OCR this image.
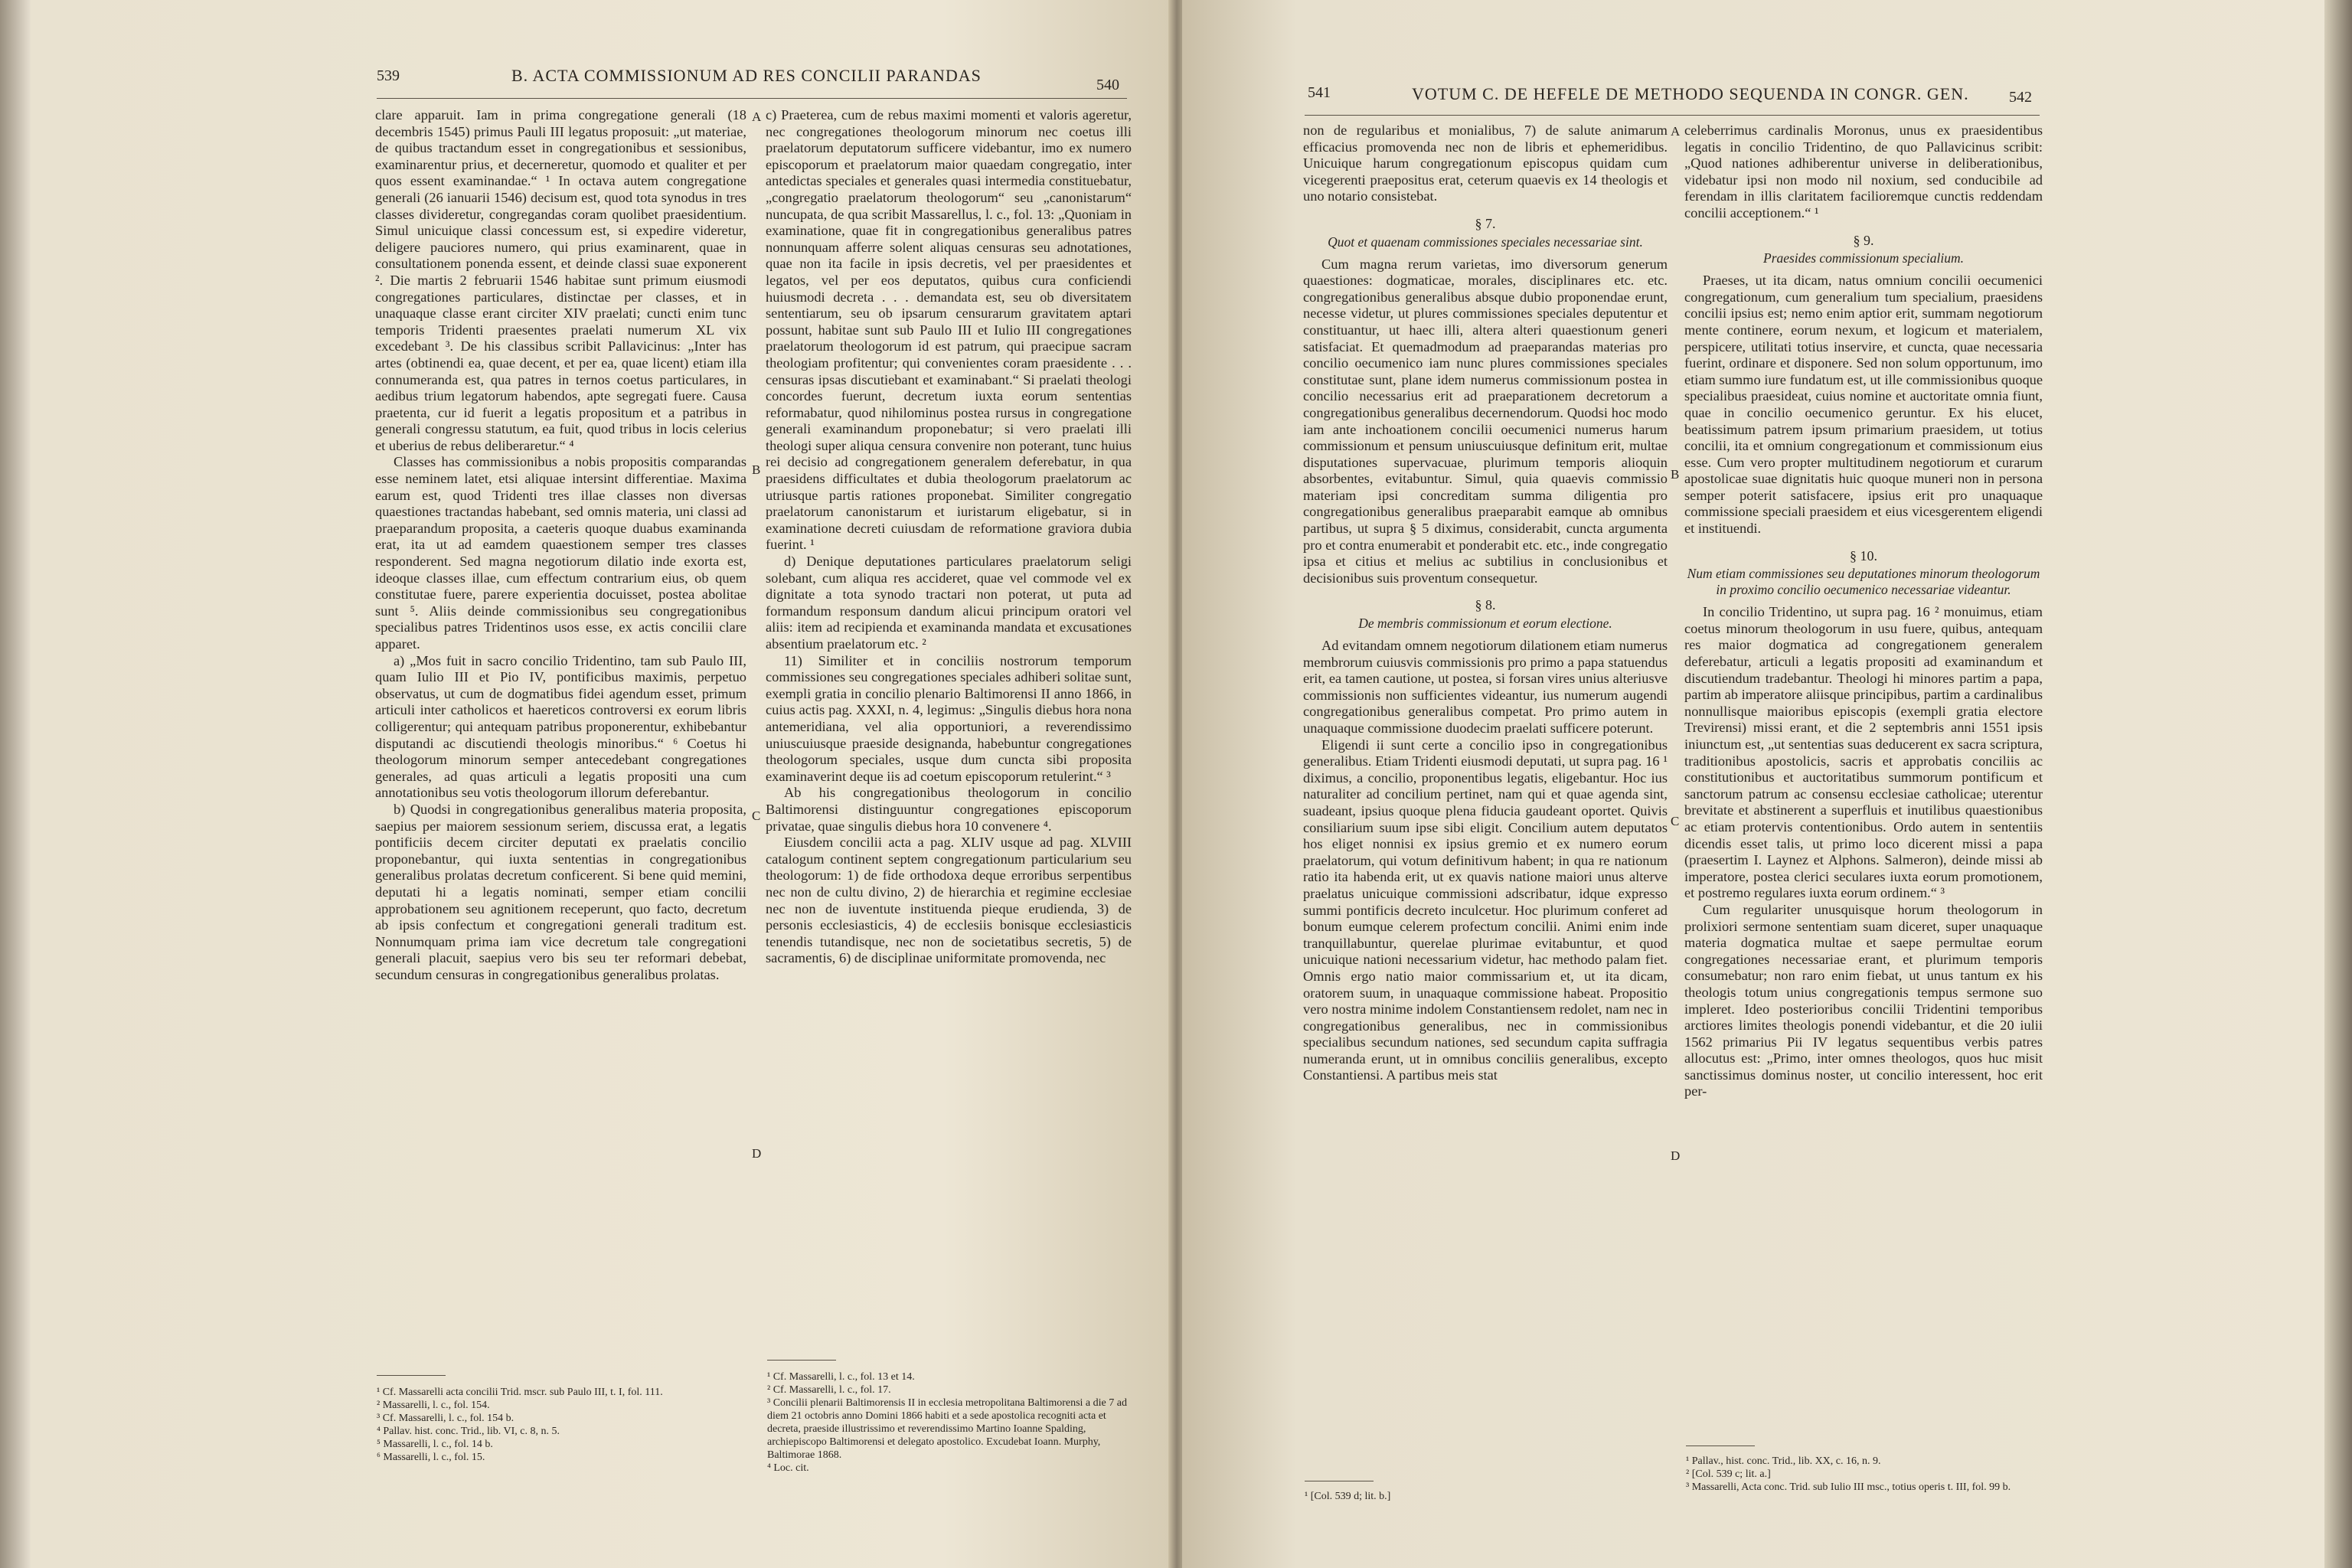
539	B. ACTA COMMISSIONUM AD RES CONCILII PARANDAS	540

clare apparuit. Iam in prima congregatione generali (18 decembris 1545) primus Pauli III legatus proposuit: „ut materiae, de quibus tractandum esset in congregationibus et sessionibus, examinarentur prius, et decerneretur, quomodo et qualiter et per quos essent examinandae.“ ¹ In octava autem congregatione generali (26 ianuarii 1546) decisum est, quod tota synodus in tres classes divideretur, congregandas coram quolibet praesidentium. Simul unicuique classi concessum est, si expedire videretur, deligere pauciores numero, qui prius examinarent, quae in consultationem ponenda essent, et deinde classi suae exponerent ². Die martis 2 februarii 1546 habitae sunt primum eiusmodi congregationes particulares, distinctae per classes, et in unaquaque classe erant circiter XIV praelati; cuncti enim tunc temporis Tridenti praesentes praelati numerum XL vix excedebant ³. De his classibus scribit Pallavicinus: „Inter has artes (obtinendi ea, quae decent, et per ea, quae licent) etiam illa connumeranda est, qua patres in ternos coetus particulares, in aedibus trium legatorum habendos, apte segregati fuere. Causa praetenta, cur id fuerit a legatis propositum et a patribus in generali congressu statutum, ea fuit, quod tribus in locis celerius et uberius de rebus deliberaretur.“ ⁴

Classes has commissionibus a nobis propositis comparandas esse neminem latet, etsi aliquae intersint differentiae. Maxima earum est, quod Tridenti tres illae classes non diversas quaestiones tractandas habebant, sed omnis materia, uni classi ad praeparandum proposita, a caeteris quoque duabus examinanda erat, ita ut ad eamdem quaestionem semper tres classes responderent. Sed magna negotiorum dilatio inde exorta est, ideoque classes illae, cum effectum contrarium eius, ob quem constitutae fuere, parere experientia docuisset, postea abolitae sunt ⁵. Aliis deinde commissionibus seu congregationibus specialibus patres Tridentinos usos esse, ex actis concilii clare apparet.

a) „Mos fuit in sacro concilio Tridentino, tam sub Paulo III, quam Iulio III et Pio IV, pontificibus maximis, perpetuo observatus, ut cum de dogmatibus fidei agendum esset, primum articuli inter catholicos et haereticos controversi ex eorum libris colligerentur; qui antequam patribus proponerentur, exhibebantur disputandi ac discutiendi theologis minoribus.“ ⁶ Coetus hi theologorum minorum semper antecedebant congregationes generales, ad quas articuli a legatis propositi una cum annotationibus seu votis theologorum illorum deferebantur.

b) Quodsi in congregationibus generalibus materia proposita, saepius per maiorem sessionum seriem, discussa erat, a legatis pontificiis decem circiter deputati ex praelatis concilio proponebantur, qui iuxta sententias in congregationibus generalibus prolatas decretum conficerent. Si bene quid memini, deputati hi a legatis nominati, semper etiam concilii approbationem seu agnitionem receperunt, quo facto, decretum ab ipsis confectum et congregationi generali traditum est. Nonnumquam prima iam vice decretum tale congregationi generali placuit, saepius vero bis seu ter reformari debebat, secundum censuras in congregationibus generalibus prolatas.

A
B
C
D

c) Praeterea, cum de rebus maximi momenti et valoris ageretur, nec congregationes theologorum minorum nec coetus illi praelatorum deputatorum sufficere videbantur, imo ex numero episcoporum et praelatorum maior quaedam congregatio, inter antedictas speciales et generales quasi intermedia constituebatur, „congregatio praelatorum theologorum“ seu „canonistarum“ nuncupata, de qua scribit Massarellus, l. c., fol. 13: „Quoniam in examinatione, quae fit in congregationibus generalibus patres nonnunquam afferre solent aliquas censuras seu adnotationes, quae non ita facile in ipsis decretis, vel per praesidentes et legatos, vel per eos deputatos, quibus cura conficiendi huiusmodi decreta . . . demandata est, seu ob diversitatem sententiarum, seu ob ipsarum censurarum gravitatem aptari possunt, habitae sunt sub Paulo III et Iulio III congregationes praelatorum theologorum id est patrum, qui praecipue sacram theologiam profitentur; qui convenientes coram praesidente . . . censuras ipsas discutiebant et examinabant.“ Si praelati theologi concordes fuerunt, decretum iuxta eorum sententias reformabatur, quod nihilominus postea rursus in congregatione generali examinandum proponebatur; si vero praelati illi theologi super aliqua censura convenire non poterant, tunc huius rei decisio ad congregationem generalem deferebatur, in qua praesidens difficultates et dubia theologorum praelatorum ac utriusque partis rationes proponebat. Similiter congregatio praelatorum canonistarum et iuristarum eligebatur, si in examinatione decreti cuiusdam de reformatione graviora dubia fuerint. ¹

d) Denique deputationes particulares praelatorum seligi solebant, cum aliqua res accideret, quae vel commode vel ex dignitate a tota synodo tractari non poterat, ut puta ad formandum responsum dandum alicui principum oratori vel aliis: item ad recipienda et examinanda mandata et excusationes absentium praelatorum etc. ²

11) Similiter et in conciliis nostrorum temporum commissiones seu congregationes speciales adhiberi solitae sunt, exempli gratia in concilio plenario Baltimorensi II anno 1866, in cuius actis pag. XXXI, n. 4, legimus: „Singulis diebus hora nona antemeridiana, vel alia opportuniori, a reverendissimo uniuscuiusque praeside designanda, habebuntur congregationes theologorum speciales, usque dum cuncta sibi proposita examinaverint deque iis ad coetum episcoporum retulerint.“ ³

Ab his congregationibus theologorum in concilio Baltimorensi distinguuntur congregationes episcoporum privatae, quae singulis diebus hora 10 convenere ⁴.

Eiusdem concilii acta a pag. XLIV usque ad pag. XLVIII catalogum continent septem congregationum particularium seu theologorum: 1) de fide orthodoxa deque erroribus serpentibus nec non de cultu divino, 2) de hierarchia et regimine ecclesiae nec non de iuventute instituenda pieque erudienda, 3) de personis ecclesiasticis, 4) de ecclesiis bonisque ecclesiasticis tenendis tutandisque, nec non de societatibus secretis, 5) de sacramentis, 6) de disciplinae uniformitate promovenda, nec

¹ Cf. Massarelli acta concilii Trid. mscr. sub Paulo III, t. I, fol. 111.
² Massarelli, l. c., fol. 154.
³ Cf. Massarelli, l. c., fol. 154 b.
⁴ Pallav. hist. conc. Trid., lib. VI, c. 8, n. 5.
⁵ Massarelli, l. c., fol. 14 b.
⁶ Massarelli, l. c., fol. 15.
¹ Cf. Massarelli, l. c., fol. 13 et 14.
² Cf. Massarelli, l. c., fol. 17.
³ Concilii plenarii Baltimorensis II in ecclesia metropolitana Baltimorensi a die 7 ad diem 21 octobris anno Domini 1866 habiti et a sede apostolica recogniti acta et decreta, praeside illustrissimo et reverendissimo Martino Ioanne Spalding, archiepiscopo Baltimorensi et delegato apostolico. Excudebat Ioann. Murphy, Baltimorae 1868.
⁴ Loc. cit.
541	VOTUM C. DE HEFELE DE METHODO SEQUENDA IN CONGR. GEN.	542

non de regularibus et monialibus, 7) de salute animarum efficacius promovenda nec non de libris et ephemeridibus. Unicuique harum congregationum episcopus quidam cum vicegerenti praepositus erat, ceterum quaevis ex 14 theologis et uno notario consistebat.

§ 7.
Quot et quaenam commissiones speciales necessariae sint.

Cum magna rerum varietas, imo diversorum generum quaestiones: dogmaticae, morales, disciplinares etc. etc. congregationibus generalibus absque dubio proponendae erunt, necesse videtur, ut plures commissiones speciales deputentur et constituantur, ut haec illi, altera alteri quaestionum generi satisfaciat. Et quemadmodum ad praeparandas materias pro concilio oecumenico iam nunc plures commissiones speciales constitutae sunt, plane idem numerus commissionum postea in concilio necessarius erit ad praeparationem decretorum a congregationibus generalibus decernendorum. Quodsi hoc modo iam ante inchoationem concilii oecumenici numerus harum commissionum et pensum uniuscuiusque definitum erit, multae disputationes supervacuae, plurimum temporis alioquin absorbentes, evitabuntur. Simul, quia quaevis commissio materiam ipsi concreditam summa diligentia pro congregationibus generalibus praeparabit eamque ab omnibus partibus, ut supra § 5 diximus, considerabit, cuncta argumenta pro et contra enumerabit et ponderabit etc. etc., inde congregatio ipsa et citius et melius ac subtilius in conclusionibus et decisionibus suis proventum consequetur.

§ 8.
De membris commissionum et eorum electione.

Ad evitandam omnem negotiorum dilationem etiam numerus membrorum cuiusvis commissionis pro primo a papa statuendus erit, ea tamen cautione, ut postea, si forsan vires unius alteriusve commissionis non sufficientes videantur, ius numerum augendi congregationibus generalibus competat. Pro primo autem in unaquaque commissione duodecim praelati sufficere poterunt.

Eligendi ii sunt certe a concilio ipso in congregationibus generalibus. Etiam Tridenti eiusmodi deputati, ut supra pag. 16 ¹ diximus, a concilio, proponentibus legatis, eligebantur. Hoc ius naturaliter ad concilium pertinet, nam qui et quae agenda sint, suadeant, ipsius quoque plena fiducia gaudeant oportet. Quivis consiliarium suum ipse sibi eligit. Concilium autem deputatos hos eliget nonnisi ex ipsius gremio et ex numero eorum praelatorum, qui votum definitivum habent; in qua re nationum ratio ita habenda erit, ut ex quavis natione maiori unus alterve praelatus unicuique commissioni adscribatur, idque expresso summi pontificis decreto inculcetur. Hoc plurimum conferet ad bonum eumque celerem profectum concilii. Animi enim inde tranquillabuntur, querelae plurimae evitabuntur, et quod unicuique nationi necessarium videtur, hac methodo palam fiet. Omnis ergo natio maior commissarium et, ut ita dicam, oratorem suum, in unaquaque commissione habeat. Propositio vero nostra minime indolem Constantiensem redolet, nam nec in congregationibus generalibus, nec in commissionibus specialibus secundum nationes, sed secundum capita suffragia numeranda erunt, ut in omnibus conciliis generalibus, excepto Constantiensi. A partibus meis stat

A
B
C
D

celeberrimus cardinalis Moronus, unus ex praesidentibus legatis in concilio Tridentino, de quo Pallavicinus scribit: „Quod nationes adhiberentur universe in deliberationibus, videbatur ipsi non modo nil noxium, sed conducibile ad ferendam in illis claritatem facilioremque cunctis reddendam concilii acceptionem.“ ¹

§ 9.
Praesides commissionum specialium.

Praeses, ut ita dicam, natus omnium concilii oecumenici congregationum, cum generalium tum specialium, praesidens concilii ipsius est; nemo enim aptior erit, summam negotiorum mente continere, eorum nexum, et logicum et materialem, perspicere, utilitati totius inservire, et cuncta, quae necessaria fuerint, ordinare et disponere. Sed non solum opportunum, imo etiam summo iure fundatum est, ut ille commissionibus quoque specialibus praesideat, cuius nomine et auctoritate omnia fiunt, quae in concilio oecumenico geruntur. Ex his elucet, beatissimum patrem ipsum primarium praesidem, ut totius concilii, ita et omnium congregationum et commissionum eius esse. Cum vero propter multitudinem negotiorum et curarum apostolicae suae dignitatis huic quoque muneri non in persona semper poterit satisfacere, ipsius erit pro unaquaque commissione speciali praesidem et eius vicesgerentem eligendi et instituendi.

§ 10.
Num etiam commissiones seu deputationes minorum theologorum in proximo concilio oecumenico necessariae videantur.

In concilio Tridentino, ut supra pag. 16 ² monuimus, etiam coetus minorum theologorum in usu fuere, quibus, antequam res maior dogmatica ad congregationem generalem deferebatur, articuli a legatis propositi ad examinandum et discutiendum tradebantur. Theologi hi minores partim a papa, partim ab imperatore aliisque principibus, partim a cardinalibus nonnullisque maioribus episcopis (exempli gratia electore Trevirensi) missi erant, et die 2 septembris anni 1551 ipsis iniunctum est, „ut sententias suas deducerent ex sacra scriptura, traditionibus apostolicis, sacris et approbatis conciliis ac constitutionibus et auctoritatibus summorum pontificum et sanctorum patrum ac consensu ecclesiae catholicae; uterentur brevitate et abstinerent a superfluis et inutilibus quaestionibus ac etiam protervis contentionibus. Ordo autem in sententiis dicendis esset talis, ut primo loco dicerent missi a papa (praesertim I. Laynez et Alphons. Salmeron), deinde missi ab imperatore, postea clerici seculares iuxta eorum promotionem, et postremo regulares iuxta eorum ordinem.“ ³

Cum regulariter unusquisque horum theologorum in prolixiori sermone sententiam suam diceret, super unaquaque materia dogmatica multae et saepe permultae eorum congregationes necessariae erant, et plurimum temporis consumebatur; non raro enim fiebat, ut unus tantum ex his theologis totum unius congregationis tempus sermone suo impleret. Ideo posterioribus concilii Tridentini temporibus arctiores limites theologis ponendi videbantur, et die 20 iulii 1562 primarius Pii IV legatus sequentibus verbis patres allocutus est: „Primo, inter omnes theologos, quos huc misit sanctissimus dominus noster, ut concilio interessent, hoc erit per-

¹ [Col. 539 d; lit. b.]
¹ Pallav., hist. conc. Trid., lib. XX, c. 16, n. 9.
² [Col. 539 c; lit. a.]
³ Massarelli, Acta conc. Trid. sub Iulio III msc., totius operis t. III, fol. 99 b.
